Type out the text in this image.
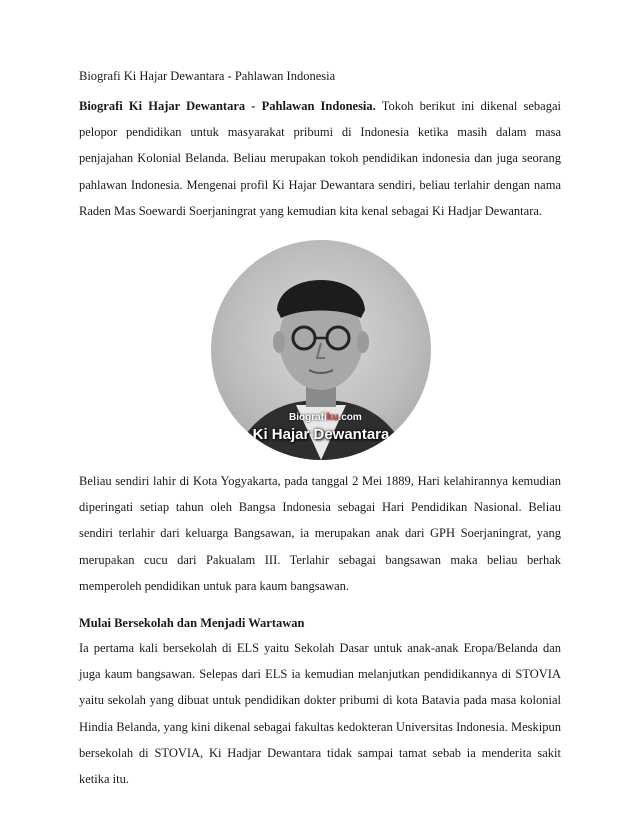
Biografi Ki Hajar Dewantara - Pahlawan Indonesia

Biografi Ki Hajar Dewantara - Pahlawan Indonesia. Tokoh berikut ini dikenal sebagai pelopor pendidikan untuk masyarakat pribumi di Indonesia ketika masih dalam masa penjajahan Kolonial Belanda. Beliau merupakan tokoh pendidikan indonesia dan juga seorang pahlawan Indonesia. Mengenai profil Ki Hajar Dewantara sendiri, beliau terlahir dengan nama Raden Mas Soewardi Soerjaningrat yang kemudian kita kenal sebagai Ki Hadjar Dewantara.

Biografiku.com
Ki Hajar Dewantara

Beliau sendiri lahir di Kota Yogyakarta, pada tanggal 2 Mei 1889, Hari kelahirannya kemudian diperingati setiap tahun oleh Bangsa Indonesia sebagai Hari Pendidikan Nasional. Beliau sendiri terlahir dari keluarga Bangsawan, ia merupakan anak dari GPH Soerjaningrat, yang merupakan cucu dari Pakualam III. Terlahir sebagai bangsawan maka beliau berhak memperoleh pendidikan untuk para kaum bangsawan.

Mulai Bersekolah dan Menjadi Wartawan

Ia pertama kali bersekolah di ELS yaitu Sekolah Dasar untuk anak-anak Eropa/Belanda dan juga kaum bangsawan. Selepas dari ELS ia kemudian melanjutkan pendidikannya di STOVIA yaitu sekolah yang dibuat untuk pendidikan dokter pribumi di kota Batavia pada masa kolonial Hindia Belanda, yang kini dikenal sebagai fakultas kedokteran Universitas Indonesia. Meskipun bersekolah di STOVIA, Ki Hadjar Dewantara tidak sampai tamat sebab ia menderita sakit ketika itu.
